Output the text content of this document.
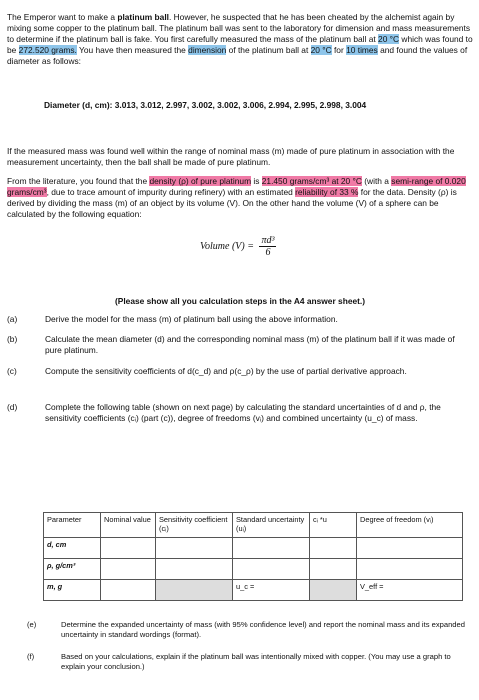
The Emperor want to make a platinum ball. However, he suspected that he has been cheated by the alchemist again by mixing some copper to the platinum ball. The platinum ball was sent to the laboratory for dimension and mass measurements to determine if the platinum ball is fake. You first carefully measured the mass of the platinum ball at 20 °C which was found to be 272.520 grams. You have then measured the dimension of the platinum ball at 20 °C for 10 times and found the values of diameter as follows:
Diameter (d, cm): 3.013, 3.012, 2.997, 3.002, 3.002, 3.006, 2.994, 2.995, 2.998, 3.004
If the measured mass was found well within the range of nominal mass (m) made of pure platinum in association with the measurement uncertainty, then the ball shall be made of pure platinum.
From the literature, you found that the density (ρ) of pure platinum is 21.450 grams/cm³ at 20 °C (with a semi-range of 0.020 grams/cm³, due to trace amount of impurity during refinery) with an estimated reliability of 33 % for the data. Density (ρ) is derived by dividing the mass (m) of an object by its volume (V). On the other hand the volume (V) of a sphere can be calculated by the following equation:
Volume $(V) = \frac{\text{πd³}}{6}$
(Please show all you calculation steps in the A4 answer sheet.)
(a)	Derive the model for the mass (m) of platinum ball using the above information.
(b)	Calculate the mean diameter (d) and the corresponding nominal mass (m) of the platinum ball if it was made of pure platinum.
(c)	Compute the sensitivity coefficients of d(c_d) and ρ(c_ρ) by the use of partial derivative approach.
(d)	Complete the following table (shown on next page) by calculating the standard uncertainties of d and ρ, the sensitivity coefficients (cᵢ) (part (c)), degree of freedoms (vᵢ) and combined uncertainty (u_c) of mass.
Parameter	Nominal value	Sensitivity coefficient (cᵢ)	Standard uncertainty (uᵢ)	cᵢ *u	Degree of freedom (vᵢ)
d, cm					
ρ, g/cm³					
m, g			u_c =		V_eff =
(e)	Determine the expanded uncertainty of mass (with 95% confidence level) and report the nominal mass and its expanded uncertainty in standard wordings (format).
(f)	Based on your calculations, explain if the platinum ball was intentionally mixed with copper. (You may use a graph to explain your conclusion.)
